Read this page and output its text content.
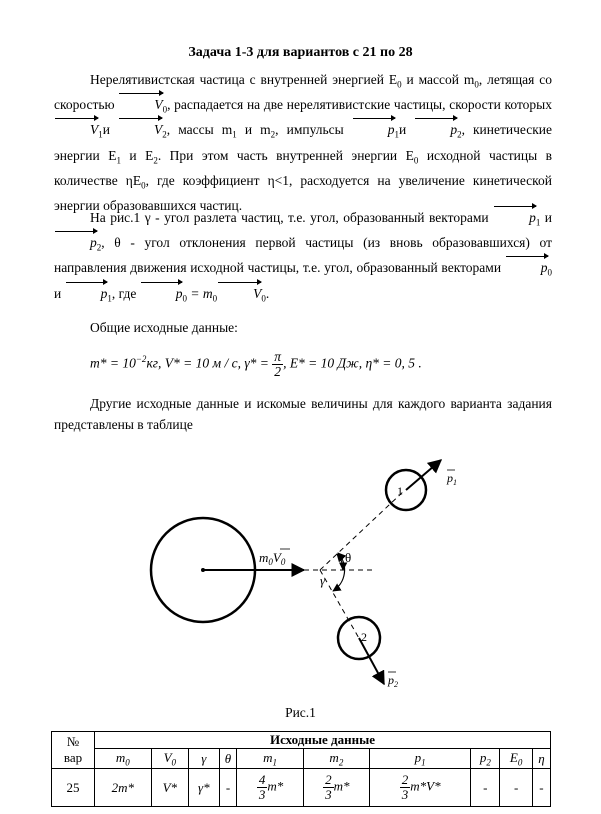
Задача 1-3 для вариантов с 21 по 28
Нерелятивистская частица с внутренней энергией $E_0$ и массой $m_0$, летящая со скоростью	$V_0$, распадается на две нерелятивистские частицы, скорости которых $V_1и$	$V_2$, массы $m_1$ и $m_2$, импульсы	$p_1и$	$p_2$, кинетические энергии $E_1$ и $E_2$. При этом часть внутренней энергии $E_0$ исходной частицы в количестве $\eta E_0$, где коэффициент η<1, расходуется на увеличение кинетической энергии образовавшихся частиц.
На рис.1 γ - угол разлета частиц, т.е. угол, образованный векторами	$p_1$ и $p_2$, θ - угол отклонения первой частицы (из вновь образовавшихся) от направления движения исходной частицы, т.е. угол, образованный векторами	$p_0$ и	$p_1$, где	$p_0 = m_0$	$V_0$.
Общие исходные данные:
$m* = 10^{-2}кг$, V* = 10 м / с, $\gamma* = \frac{\pi}{2}$ , E* = 10 Дж, η* = 0, 5 .
Другие исходные данные и искомые величины для каждого варианта задания представлены в таблице
$m_0V_0$	θ
γ
1
2
$p_1$
$p_2$
Рис.1
№
вар	Исходные данные									
	$m_0$	$V_0$	γ	θ	$m_1$	$m_2$	$p_1$	$p_2$	$E_0$	η
25	2m*	V*	γ*	-	$\frac{4}{3} m*$	$\frac{2}{3} m*$	$\frac{2}{3} m*V*$	-	-	-
